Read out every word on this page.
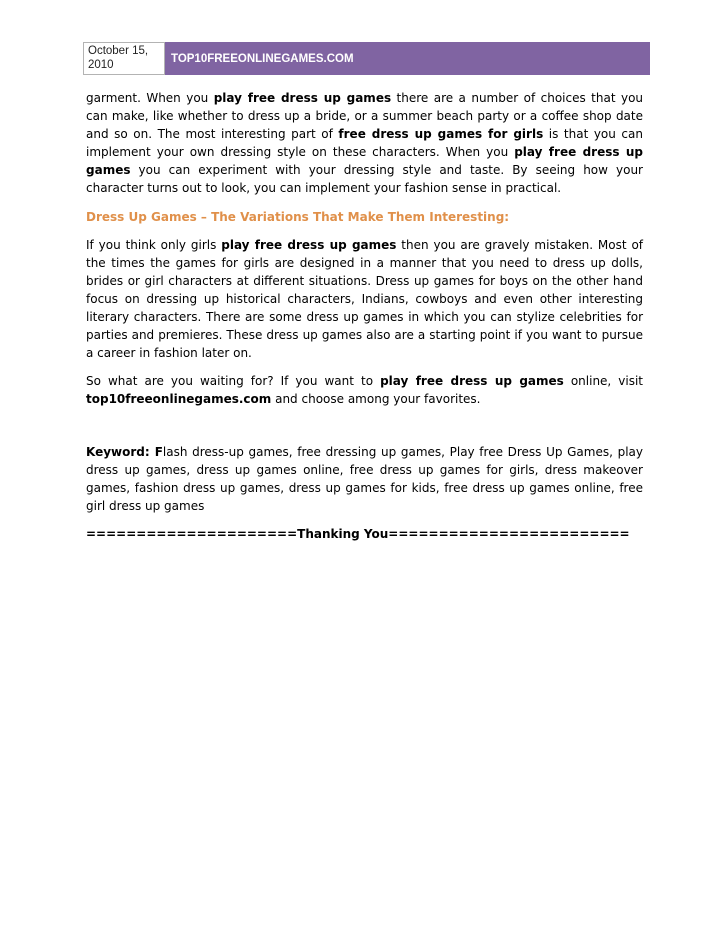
October 15, 2010	TOP10FREEONLINEGAMES.COM

garment. When you play free dress up games there are a number of choices that you can make, like whether to dress up a bride, or a summer beach party or a coffee shop date and so on. The most interesting part of free dress up games for girls is that you can implement your own dressing style on these characters. When you play free dress up games you can experiment with your dressing style and taste. By seeing how your character turns out to look, you can implement your fashion sense in practical.

Dress Up Games – The Variations That Make Them Interesting:

If you think only girls play free dress up games then you are gravely mistaken. Most of the times the games for girls are designed in a manner that you need to dress up dolls, brides or girl characters at different situations. Dress up games for boys on the other hand focus on dressing up historical characters, Indians, cowboys and even other interesting literary characters. There are some dress up games in which you can stylize celebrities for parties and premieres. These dress up games also are a starting point if you want to pursue a career in fashion later on.

So what are you waiting for? If you want to play free dress up games online, visit top10freeonlinegames.com and choose among your favorites.

Keyword: Flash dress-up games, free dressing up games, Play free Dress Up Games, play dress up games, dress up games online, free dress up games for girls, dress makeover games, fashion dress up games, dress up games for kids, free dress up games online, free girl dress up games

=====================Thanking You========================
